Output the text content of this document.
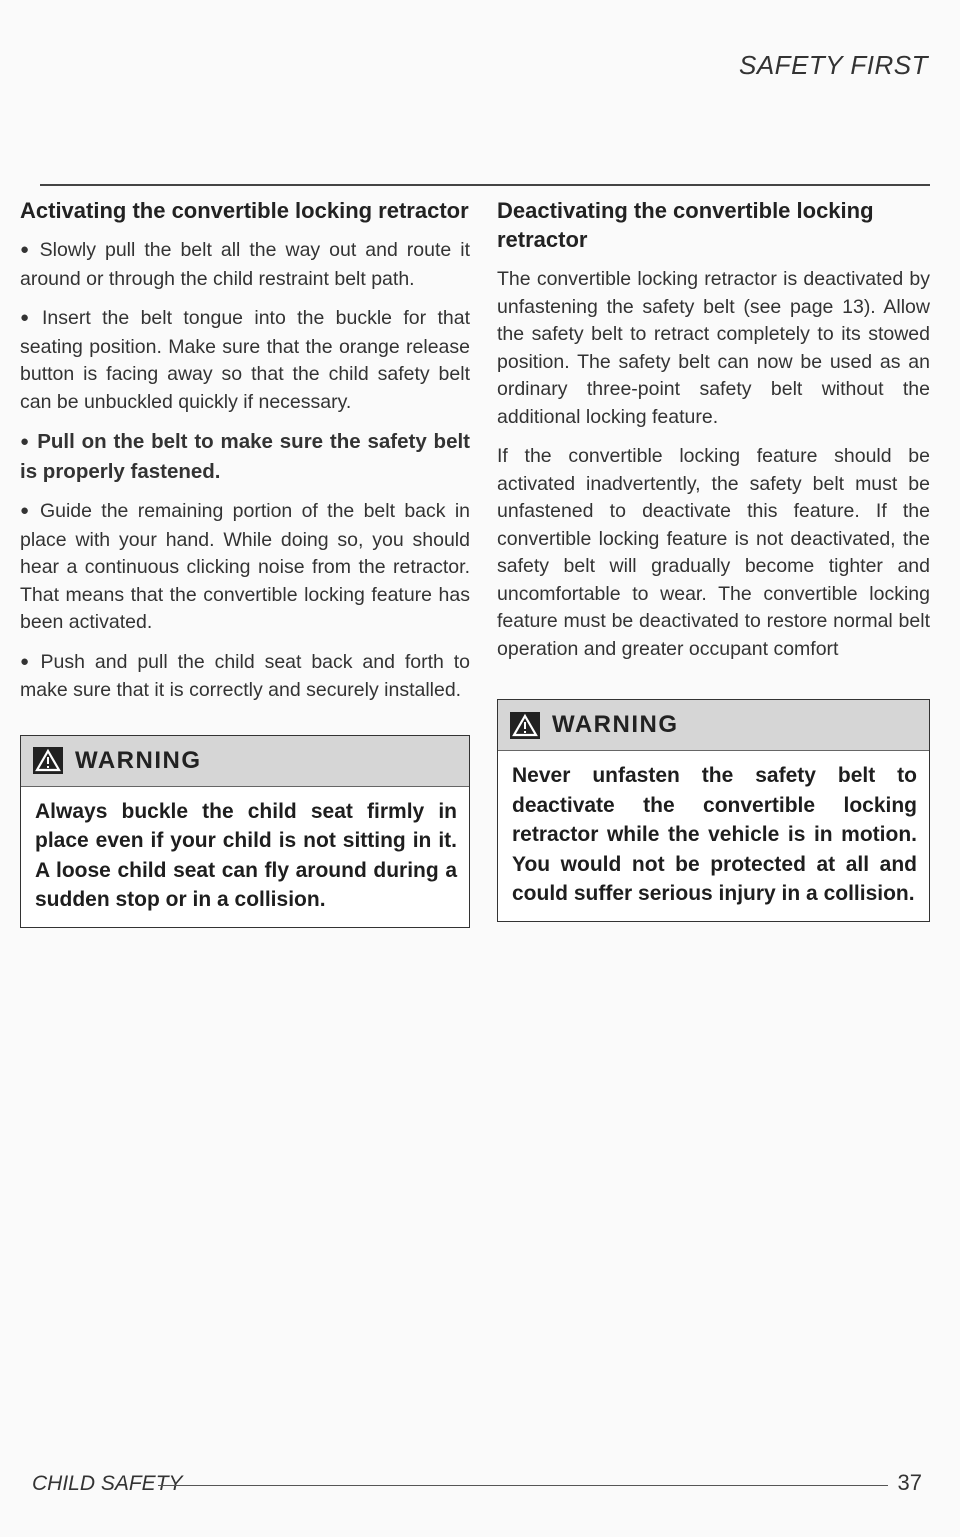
SAFETY FIRST
Activating the convertible locking retractor

● Slowly pull the belt all the way out and route it around or through the child restraint belt path.

● Insert the belt tongue into the buckle for that seating position. Make sure that the orange release button is facing away so that the child safety belt can be unbuckled quickly if necessary.

● Pull on the belt to make sure the safety belt is properly fastened.

● Guide the remaining portion of the belt back in place with your hand. While doing so, you should hear a continuous clicking noise from the retractor. That means that the convertible locking feature has been activated.

● Push and pull the child seat back and forth to make sure that it is correctly and securely installed.

WARNING
Always buckle the child seat firmly in place even if your child is not sitting in it. A loose child seat can fly around during a sudden stop or in a collision.
Deactivating the convertible locking retractor

The convertible locking retractor is deactivated by unfastening the safety belt (see page 13). Allow the safety belt to retract completely to its stowed position. The safety belt can now be used as an ordinary three-point safety belt without the additional locking feature.

If the convertible locking feature should be activated inadvertently, the safety belt must be unfastened to deactivate this feature. If the convertible locking feature is not deactivated, the safety belt will gradually become tighter and uncomfortable to wear. The convertible locking feature must be deactivated to restore normal belt operation and greater occupant comfort

WARNING
Never unfasten the safety belt to deactivate the convertible locking retractor while the vehicle is in motion. You would not be protected at all and could suffer serious injury in a collision.
CHILD SAFETY	37
